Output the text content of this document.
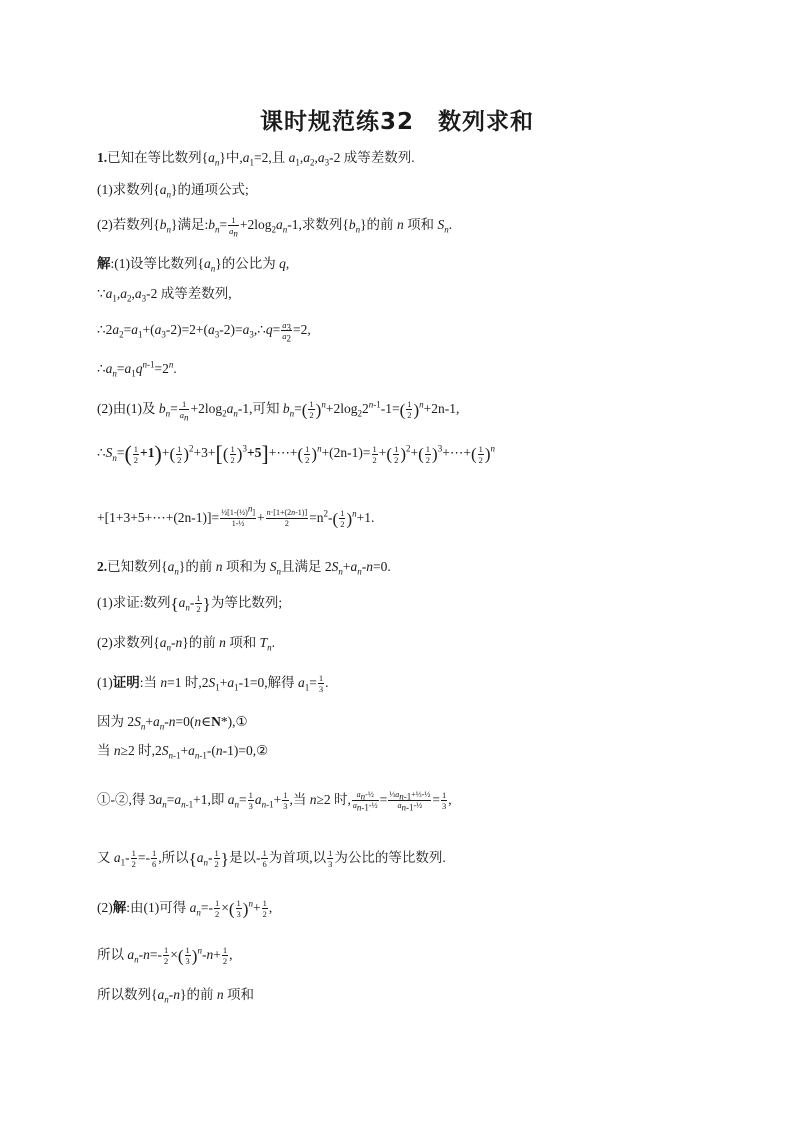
课时规范练32　数列求和
1.已知在等比数列$\{a_n\}$中$,a_1=2$,且 $a_1,a_2,a_3-2$ 成等差数列.
(1)求数列$\{a_n\}$的通项公式;
(2)若数列$\{b_n\}$满足$:b_n= \frac{1}{a_n} +2\log_2a_n-1$,求数列$\{b_n\}$的前 n 项和 $S_n$.
解:(1)设等比数列$\{a_n\}$的公比为 q,
$\because a_1,a_2,a_3-2$ 成等差数列,
$\therefore 2a_2=a_1+(a_3-2)=2+(a_3-2)=a_3,\therefore q= \frac{a_3}{a_2} =2$,
$\therefore a_n=a_1q^{n-1}=2^n$.
(2)由(1)及 $b_n= \frac{1}{a_n} +2\log_2a_n-1$,可知 $b_n=( \frac{1}{2} )^n+2\log_22^{n-1}-1=( \frac{1}{2} )^n+2n-1$,
$\therefore S_n=( \frac{1}{2} +1)+( \frac{1}{2} )^2+3+[( \frac{1}{2}$ )$^3+5]+\cdots+( \frac{1}{2} )^n+(2n-1)= \frac{1}{2}$ +( $\frac{1}{2} )^2+( \frac{1}{2}$ )$^3+\cdots+( \frac{1}{2} )^n$
+[1+3+5+⋯+(2n-1)]= $\frac{\frac{1}{2}[1-(\frac{1}{2})^n]}{\text{1-½}} + \frac{n\cdot[1+(2n-1)]}{2} =n^2-( \frac{1}{2} )^n+1$.
2.已知数列$\{a_n\}$的前 n 项和为 $S_n$且满足 $2S_n+a_n-n=0$.
(1)求证:数列{$a_n- \frac{1}{2}$ }为等比数列;
(2)求数列$\{a_n-n\}$的前 n 项和 $T_n$.
(1)证明:当 n=1 时$,2S_1+a_1-1=0$,解得 $a_1= \frac{1}{3}$ .
因为 $2S_n+a_n-n=0(n\in N*),①$
当 n≥2 时$,2S_{n-1}+a_{n-1}-(n-1)=0,②$
①-②,得 $3a_n=a_{n-1}+1$,即 $a_n= \frac{1}{3} a_{n-1}+ \frac{1}{3}$ ,当 n≥2 时, $\frac{a_n-\frac{1}{2}}{a_{n-1}-\frac{1}{2}} = \frac{\frac{1}{3}a_{n-1}+\frac{1}{3}-\frac{1}{2}}{a_{n-1}-\frac{1}{2}} = \frac{1}{3}$ ,
又 $a_1- \frac{1}{2} =- \frac{1}{6}$ ,所以{$a_n- \frac{1}{2}$ }是以- $\frac{1}{6}$ 为首项,以 $\frac{1}{3}$ 为公比的等比数列.
(2)解:由(1)可得 $a_n=- \frac{1}{2}$ ×( $\frac{1}{3} )^n+ \frac{1}{2}$ ,
所以 $a_n-n=- \frac{1}{2}$ ×( $\frac{1}{3} )^n-n+ \frac{1}{2}$ ,
所以数列$\{a_n-n\}$的前 n 项和
